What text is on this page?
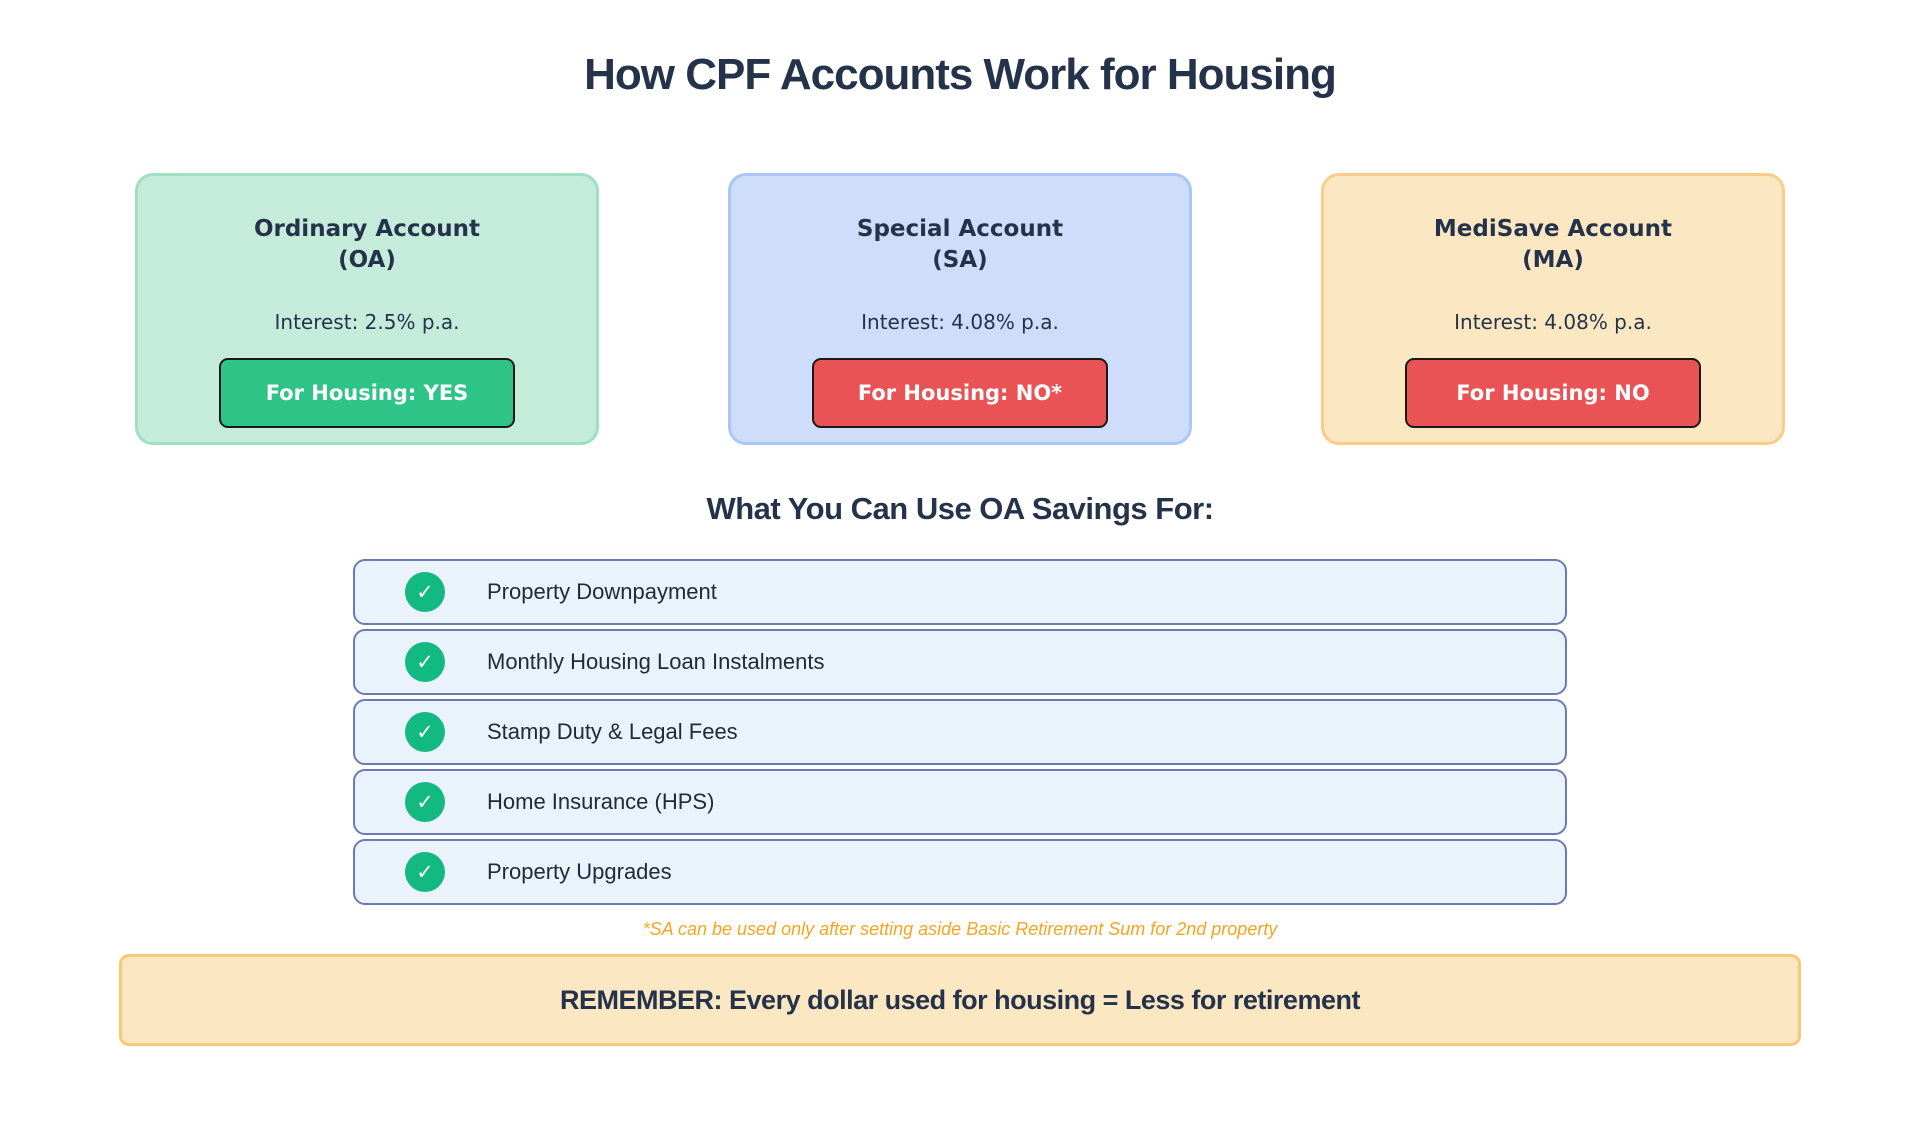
How CPF Accounts Work for Housing
Ordinary Account
(OA)
Interest: 2.5% p.a.
For Housing: YES
Special Account
(SA)
Interest: 4.08% p.a.
For Housing: NO*
MediSave Account
(MA)
Interest: 4.08% p.a.
For Housing: NO
What You Can Use OA Savings For:
✓	Property Downpayment
✓	Monthly Housing Loan Instalments
✓	Stamp Duty & Legal Fees
✓	Home Insurance (HPS)
✓	Property Upgrades
*SA can be used only after setting aside Basic Retirement Sum for 2nd property
REMEMBER: Every dollar used for housing = Less for retirement
